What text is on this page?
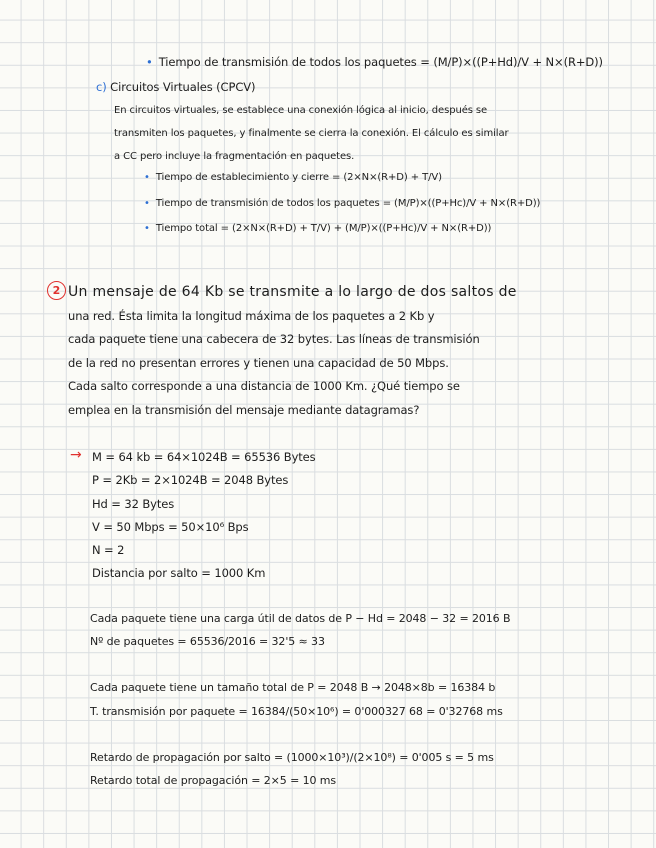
• Tiempo de transmisión de todos los paquetes = (M/P)×((P+Hd)/V + N×(R+D))
c) Circuitos Virtuales (CPCV)
En circuitos virtuales, se establece una conexión lógica al inicio, después se
transmiten los paquetes, y finalmente se cierra la conexión. El cálculo es similar
a CC pero incluye la fragmentación en paquetes.
• Tiempo de establecimiento y cierre = (2×N×(R+D) + T/V)
• Tiempo de transmisión de todos los paquetes = (M/P)×((P+Hc)/V + N×(R+D))
• Tiempo total = (2×N×(R+D) + T/V) + (M/P)×((P+Hc)/V + N×(R+D))
2 Un mensaje de 64 Kb se transmite a lo largo de dos saltos de
una red. Ésta limita la longitud máxima de los paquetes a 2 Kb y
cada paquete tiene una cabecera de 32 bytes. Las líneas de transmisión
de la red no presentan errores y tienen una capacidad de 50 Mbps.
Cada salto corresponde a una distancia de 1000 Km. ¿Qué tiempo se
emplea en la transmisión del mensaje mediante datagramas?
→ M = 64 kb = 64×1024B = 65536 Bytes
P = 2Kb = 2×1024B = 2048 Bytes
Hd = 32 Bytes
V = 50 Mbps = 50×10⁶ Bps
N = 2
Distancia por salto = 1000 Km
Cada paquete tiene una carga útil de datos de P − Hd = 2048 − 32 = 2016 B
Nº de paquetes = 65536/2016 = 32'5 ≈ 33
Cada paquete tiene un tamaño total de P = 2048 B → 2048×8b = 16384 b
T. transmisión por paquete = 16384/(50×10⁶) = 0'000327 68 = 0'32768 ms
Retardo de propagación por salto = (1000×10³)/(2×10⁸) = 0'005 s = 5 ms
Retardo total de propagación = 2×5 = 10 ms
